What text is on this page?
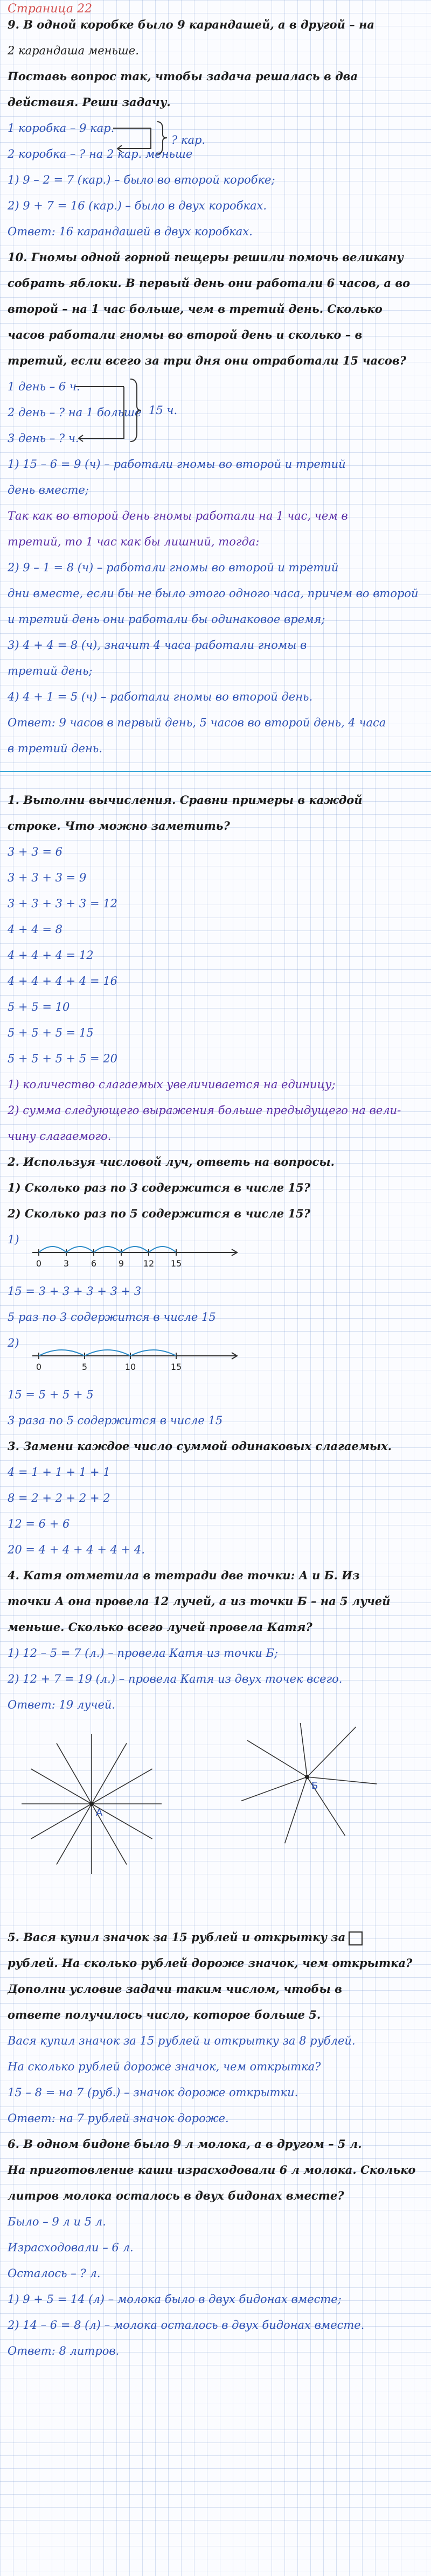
Страница 22
9. В одной коробке было 9 карандашей, а в другой – на
2 карандаша меньше.
Поставь вопрос так, чтобы задача решалась в два
действия. Реши задачу.
1) 9 – 2 = 7 (кар.) – было во второй коробке;
2) 9 + 7 = 16 (кар.) – было в двух коробках.
Ответ: 16 карандашей в двух коробках.
10. Гномы одной горной пещеры решили помочь великану
собрать яблоки. В первый день они работали 6 часов, а во
второй – на 1 час больше, чем в третий день. Сколько
часов работали гномы во второй день и сколько – в
третий, если всего за три дня они отработали 15 часов?
1) 15 – 6 = 9 (ч) – работали гномы во второй и третий
день вместе;
Так как во второй день гномы работали на 1 час, чем в
третий, то 1 час как бы лишний, тогда:
2) 9 – 1 = 8 (ч) – работали гномы во второй и третий
дни вместе, если бы не было этого одного часа, причем во второй
и третий день они работали бы одинаковое время;
3) 4 + 4 = 8 (ч), значит 4 часа работали гномы в
третий день;
4) 4 + 1 = 5 (ч) – работали гномы во второй день.
Ответ: 9 часов в первый день, 5 часов во второй день, 4 часа
в третий день.
1. Выполни вычисления. Сравни примеры в каждой
строке. Что можно заметить?
3 + 3 = 6
3 + 3 + 3 = 9
3 + 3 + 3 + 3 = 12
4 + 4 = 8
4 + 4 + 4 = 12
4 + 4 + 4 + 4 = 16
5 + 5 = 10
5 + 5 + 5 = 15
5 + 5 + 5 + 5 = 20
1) количество слагаемых увеличивается на единицу;
2) сумма следующего выражения больше предыдущего на вели-
чину слагаемого.
2. Используя числовой луч, ответь на вопросы.
1) Сколько раз по 3 содержится в числе 15?
2) Сколько раз по 5 содержится в числе 15?
15 = 3 + 3 + 3 + 3 + 3
5 раз по 3 содержится в числе 15
15 = 5 + 5 + 5
3 раза по 5 содержится в числе 15
3. Замени каждое число суммой одинаковых слагаемых.
4 = 1 + 1 + 1 + 1
8 = 2 + 2 + 2 + 2
12 = 6 + 6
20 = 4 + 4 + 4 + 4 + 4.
4. Катя отметила в тетради две точки: А и Б. Из
точки А она провела 12 лучей, а из точки Б – на 5 лучей
меньше. Сколько всего лучей провела Катя?
1) 12 – 5 = 7 (л.) – провела Катя из точки Б;
2) 12 + 7 = 19 (л.) – провела Катя из двух точек всего.
Ответ: 19 лучей.
5. Вася купил значок за 15 рублей и открытку за
рублей. На сколько рублей дороже значок, чем открытка?
Дополни условие задачи таким числом, чтобы в
ответе получилось число, которое больше 5.
Вася купил значок за 15 рублей и открытку за 8 рублей.
На сколько рублей дороже значок, чем открытка?
15 – 8 = на 7 (руб.) – значок дороже открытки.
Ответ: на 7 рублей значок дороже.
6. В одном бидоне было 9 л молока, а в другом – 5 л.
На приготовление каши израсходовали 6 л молока. Сколько
литров молока осталось в двух бидонах вместе?
Было – 9 л и 5 л.
Израсходовали – 6 л.
Осталось – ? л.
1) 9 + 5 = 14 (л) – молока было в двух бидонах вместе;
2) 14 – 6 = 8 (л) – молока осталось в двух бидонах вместе.
Ответ: 8 литров.
1 коробка – 9 кар.
2 коробка – ? на 2 кар. меньше
? кар.
1 день – 6 ч.
2 день – ? на 1 больше
3 день – ? ч.
15 ч.
1)
0	3	6	9 12 15
2)
0	5	10	15
А
Б
